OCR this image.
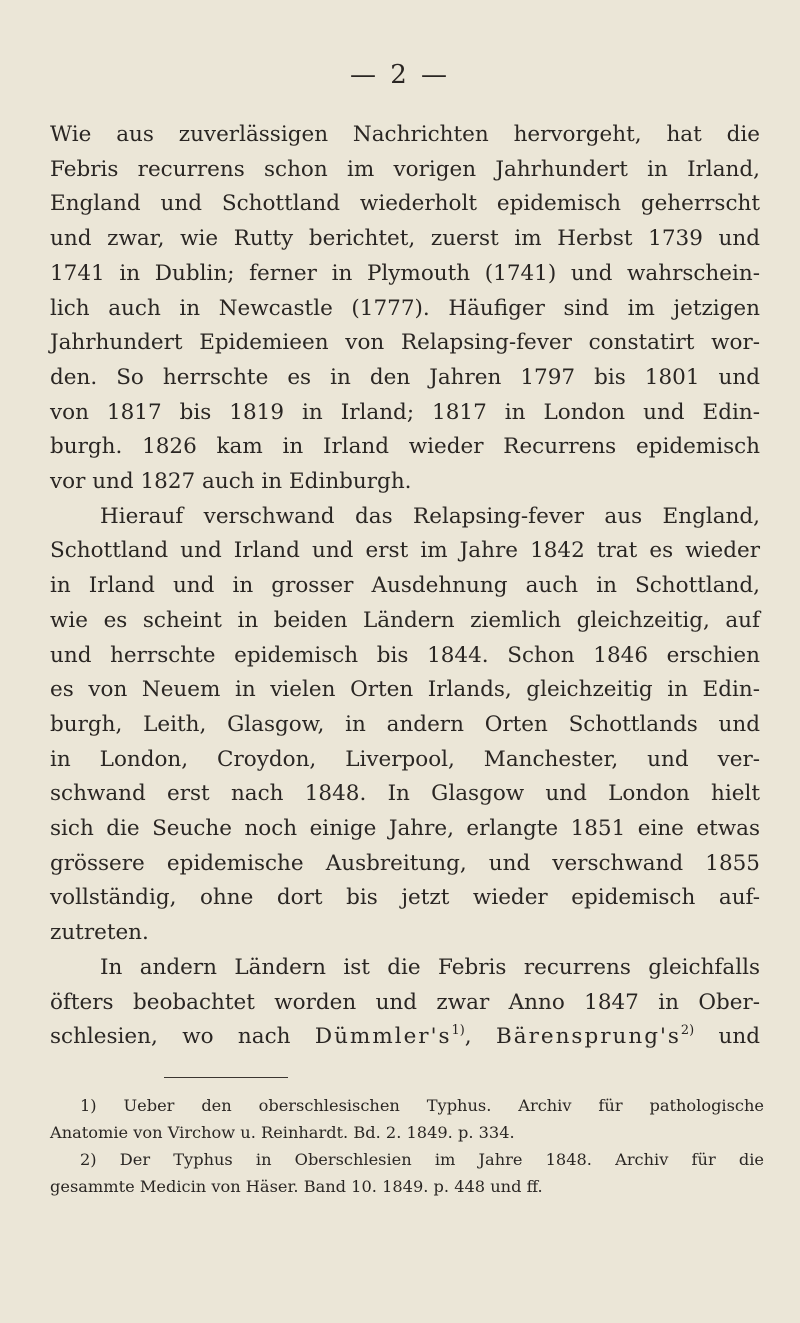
— 2 —

Wie aus zuverlässigen Nachrichten hervorgeht, hat die
Febris recurrens schon im vorigen Jahrhundert in Irland,
England und Schottland wiederholt epidemisch geherrscht
und zwar, wie Rutty berichtet, zuerst im Herbst 1739 und
1741 in Dublin; ferner in Plymouth (1741) und wahrschein-
lich auch in Newcastle (1777). Häufiger sind im jetzigen
Jahrhundert Epidemieen von Relapsing-fever constatirt wor-
den. So herrschte es in den Jahren 1797 bis 1801 und
von 1817 bis 1819 in Irland; 1817 in London und Edin-
burgh. 1826 kam in Irland wieder Recurrens epidemisch
vor und 1827 auch in Edinburgh.

Hierauf verschwand das Relapsing-fever aus England,
Schottland und Irland und erst im Jahre 1842 trat es wieder
in Irland und in grosser Ausdehnung auch in Schottland,
wie es scheint in beiden Ländern ziemlich gleichzeitig, auf
und herrschte epidemisch bis 1844. Schon 1846 erschien
es von Neuem in vielen Orten Irlands, gleichzeitig in Edin-
burgh, Leith, Glasgow, in andern Orten Schottlands und
in London, Croydon, Liverpool, Manchester, und ver-
schwand erst nach 1848. In Glasgow und London hielt
sich die Seuche noch einige Jahre, erlangte 1851 eine etwas
grössere epidemische Ausbreitung, und verschwand 1855
vollständig, ohne dort bis jetzt wieder epidemisch auf-
zutreten.

In andern Ländern ist die Febris recurrens gleichfalls
öfters beobachtet worden und zwar Anno 1847 in Ober-
schlesien, wo nach $Dümmler's^{1)}$, $Bärensprung's^{2)}$ und

1) Ueber den oberschlesischen Typhus. Archiv für pathologische
Anatomie von Virchow u. Reinhardt. Bd. 2. 1849. p. 334.

2) Der Typhus in Oberschlesien im Jahre 1848. Archiv für die
gesammte Medicin von Häser. Band 10. 1849. p. 448 und ff.
